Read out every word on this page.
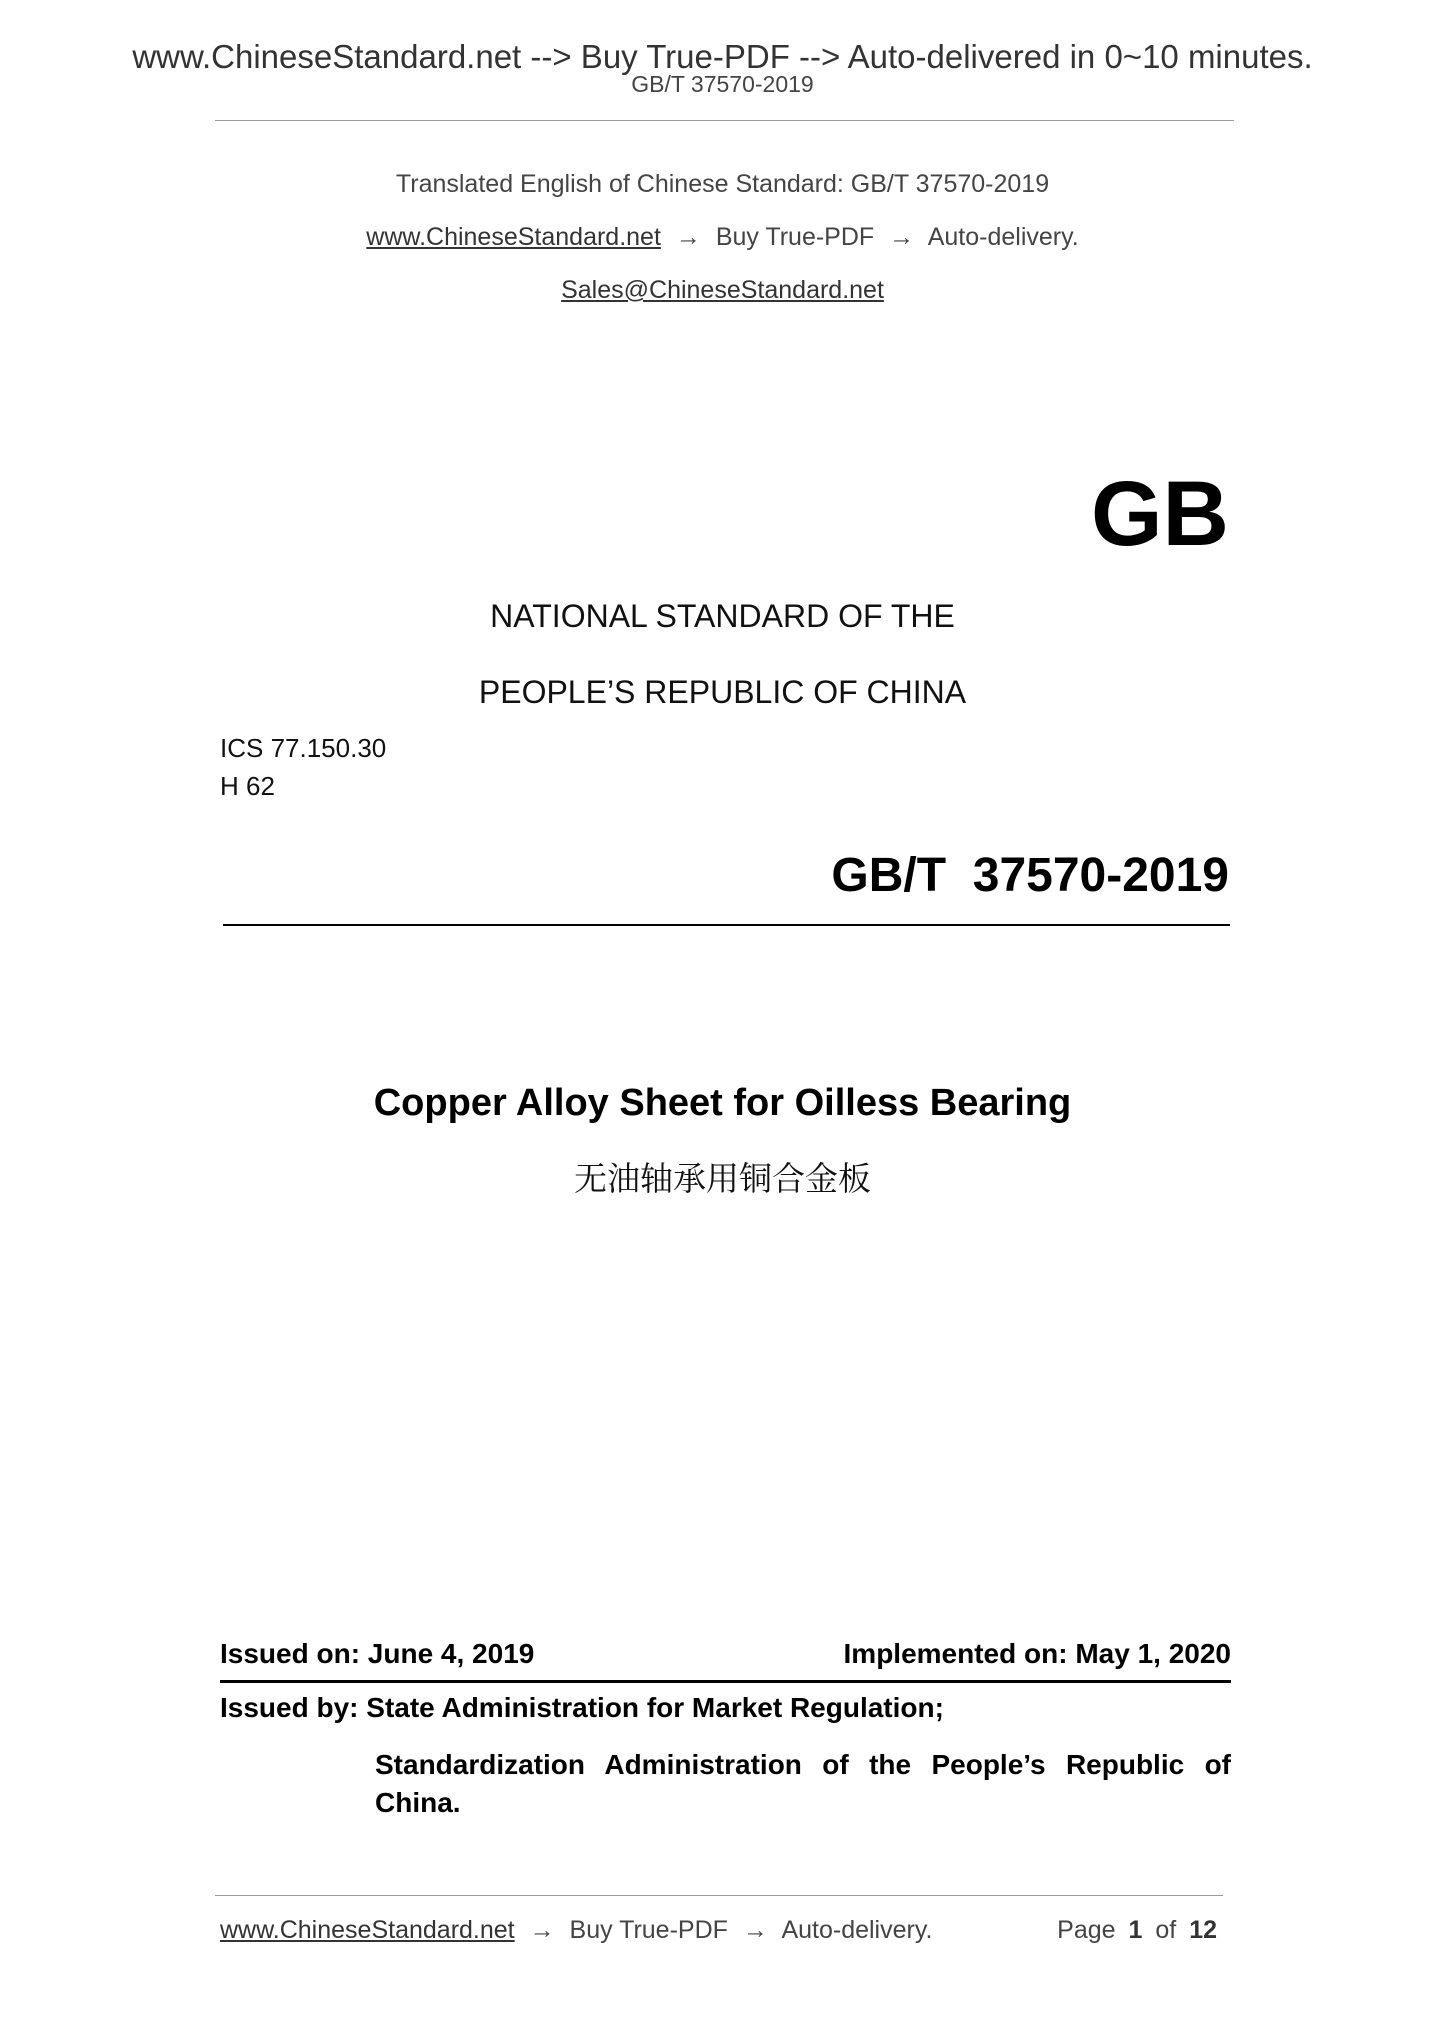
www.ChineseStandard.net --> Buy True-PDF --> Auto-delivered in 0~10 minutes.
GB/T 37570-2019
Translated English of Chinese Standard: GB/T 37570-2019
www.ChineseStandard.net → Buy True-PDF → Auto-delivery.
Sales@ChineseStandard.net
GB
NATIONAL STANDARD OF THE
PEOPLE’S REPUBLIC OF CHINA
ICS 77.150.30
H 62
GB/T  37570-2019
Copper Alloy Sheet for Oilless Bearing
无油轴承用铜合金板
Issued on: June 4, 2019	Implemented on: May 1, 2020
Issued by: State Administration for Market Regulation;
Standardization Administration of the People’s Republic of China.
www.ChineseStandard.net → Buy True-PDF → Auto-delivery.	Page 1 of 12
